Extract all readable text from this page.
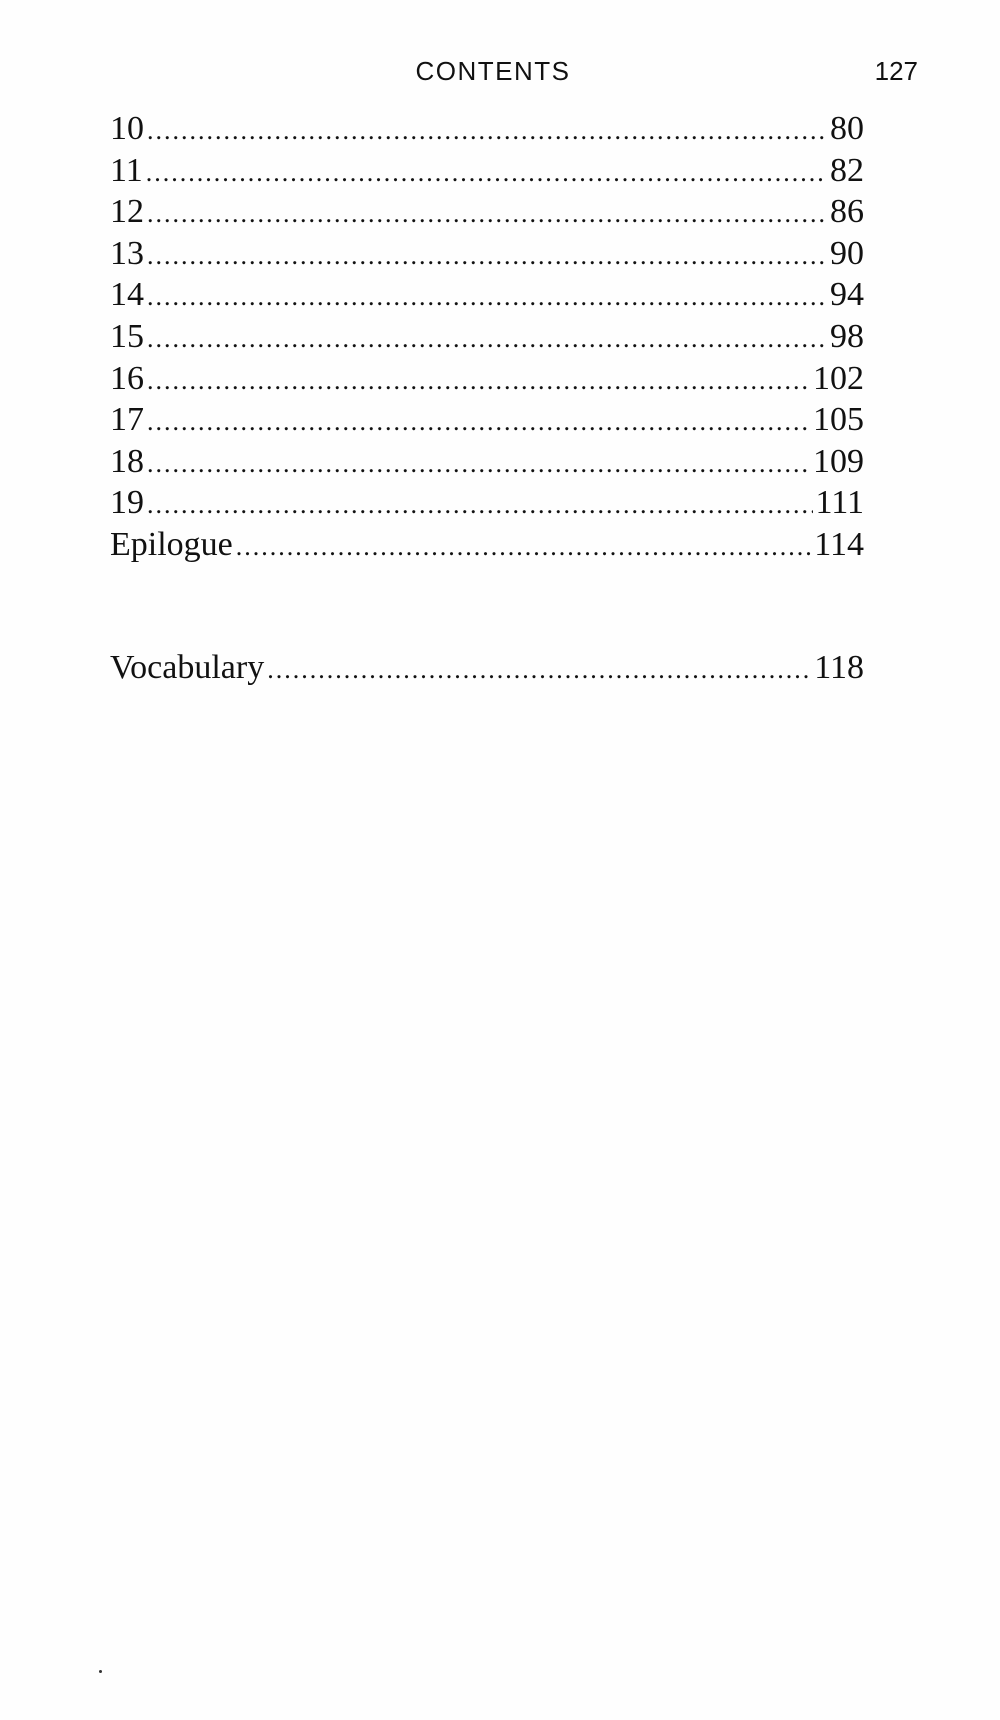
CONTENTS	127
10 .....	80
11 .....	82
12 .....	86
13 .....	90
14 .....	94
15 .....	98
16 .....	102
17 .....	105
18 .....	109
19 .....	111
Epilogue .....	114
Vocabulary .....	118
